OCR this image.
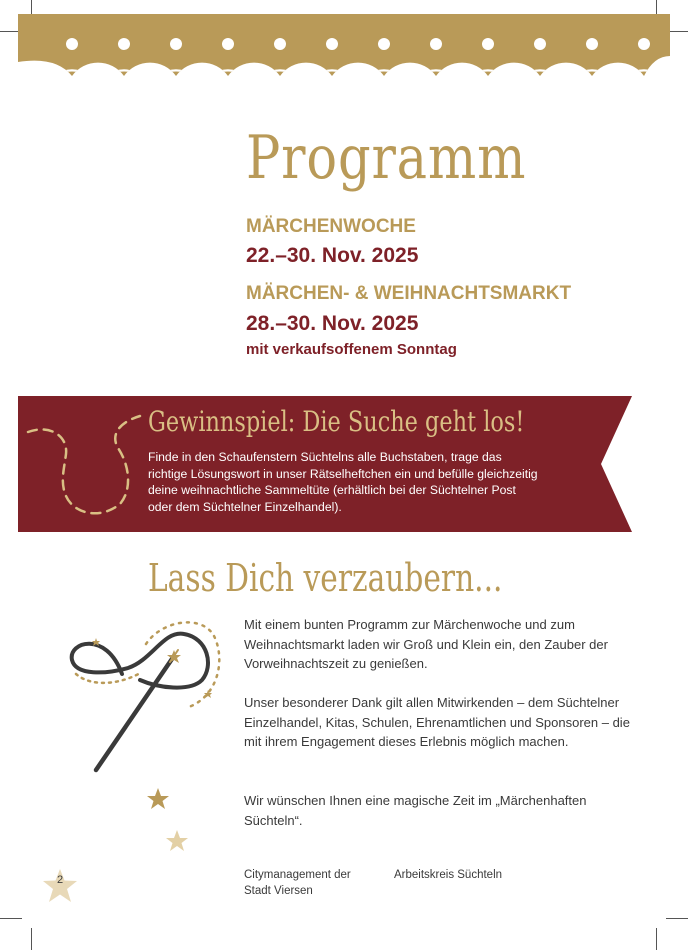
Programm
MÄRCHENWOCHE
22.–30. Nov. 2025
MÄRCHEN- & WEIHNACHTSMARKT
28.–30. Nov. 2025
mit verkaufsoffenem Sonntag
Gewinnspiel: Die Suche geht los!
Finde in den Schaufenstern Süchtelns alle Buchstaben, trage das richtige Lösungswort in unser Rätselheftchen ein und befülle gleichzeitig deine weihnachtliche Sammeltüte (erhältlich bei der Süchtelner Post oder dem Süchtelner Einzelhandel).
Lass Dich verzaubern...
Mit einem bunten Programm zur Märchenwoche und zum Weihnachtsmarkt laden wir Groß und Klein ein, den Zauber der Vorweihnachtszeit zu genießen.
Unser besonderer Dank gilt allen Mitwirkenden – dem Süchtelner Einzelhandel, Kitas, Schulen, Ehrenamtlichen und Sponsoren – die mit ihrem Engagement dieses Erlebnis möglich machen.
Wir wünschen Ihnen eine magische Zeit im „Märchenhaften Süchteln“.
Citymanagement der Stadt Viersen
Arbeitskreis Süchteln
2
